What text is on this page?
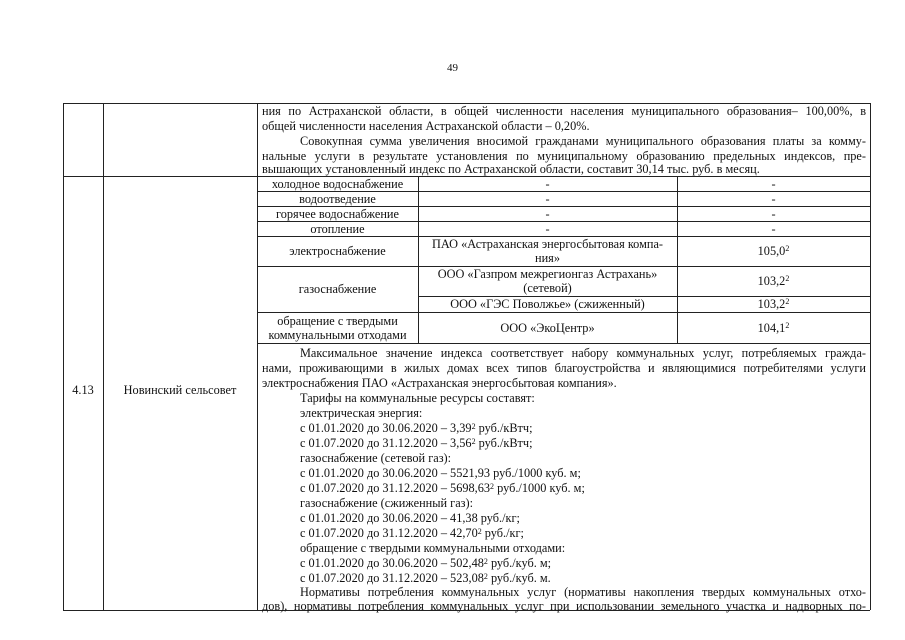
49
ния по Астраханской области, в общей численности населения муниципального образования– 100,00%, в
общей численности населения Астраханской области – 0,20%.
Совокупная сумма увеличения вносимой гражданами муниципального образования платы за комму-
нальные услуги в результате установления по муниципальному образованию предельных индексов, пре-
вышающих установленный индекс по Астраханской области, составит 30,14 тыс. руб. в месяц.
4.13	Новинский сельсовет
холодное водоснабжение	-	-
водоотведение	-	-
горячее водоснабжение	-	-
отопление	-	-
электроснабжение	ПАО «Астраханская энергосбытовая компа-ния»	105,0$^2$
газоснабжение
ООО «Газпром межрегионгаз Астрахань» (сетевой)	103,2$^2$
ООО «ГЭС Поволжье» (сжиженный)	103,2$^2$
обращение с твердыми коммунальными отходами	ООО «ЭкоЦентр»	104,1$^2$
Максимальное значение индекса соответствует набору коммунальных услуг, потребляемых гражда-
нами, проживающими в жилых домах всех типов благоустройства и являющимися потребителями услуги
электроснабжения ПАО «Астраханская энергосбытовая компания».
Тарифы на коммунальные ресурсы составят:
электрическая энергия:
с 01.01.2020 до 30.06.2020 – 3,39$^2$ руб./кВтч;
с 01.07.2020 до 31.12.2020 – 3,56$^2$ руб./кВтч;
газоснабжение (сетевой газ):
с 01.01.2020 до 30.06.2020 – 5521,93 руб./1000 куб. м;
с 01.07.2020 до 31.12.2020 – 5698,63$^2$ руб./1000 куб. м;
газоснабжение (сжиженный газ):
с 01.01.2020 до 30.06.2020 – 41,38 руб./кг;
с 01.07.2020 до 31.12.2020 – 42,70$^2$ руб./кг;
обращение с твердыми коммунальными отходами:
с 01.01.2020 до 30.06.2020 – 502,48$^2$ руб./куб. м;
с 01.07.2020 до 31.12.2020 – 523,08$^2$ руб./куб. м.
Нормативы потребления коммунальных услуг (нормативы накопления твердых коммунальных отхо-
дов), нормативы потребления коммунальных услуг при использовании земельного участка и надворных по-
